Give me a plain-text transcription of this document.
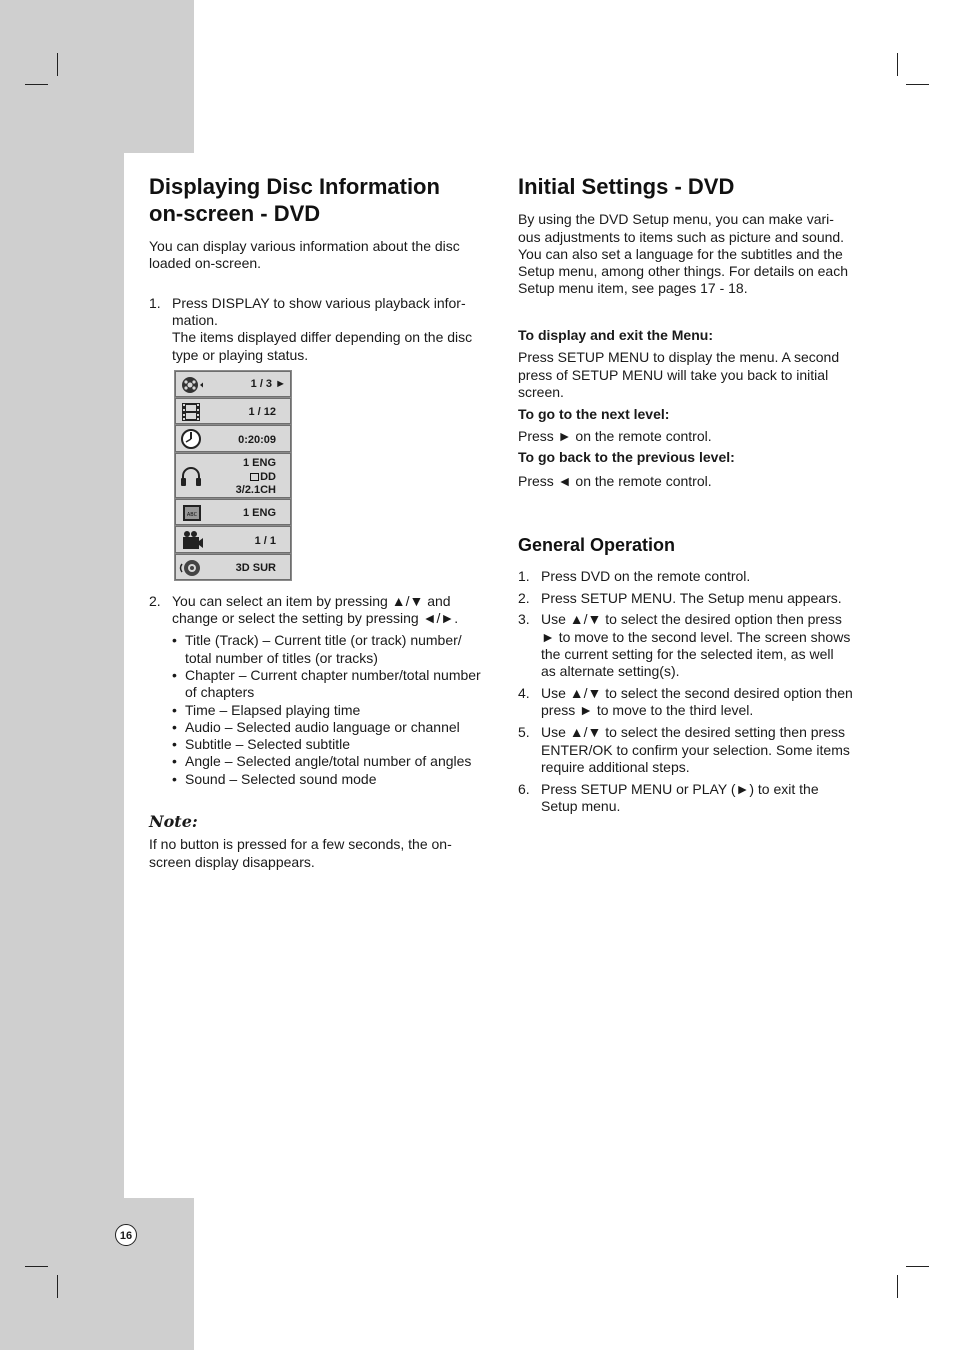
16
Displaying Disc Information
on-screen - DVD

You can display various information about the disc

loaded on-screen.

1. Press DISPLAY to show various playback infor-

mation.

The items displayed differ depending on the disc

type or playing status.

1 / 3 ►
1 / 12
0:20:09
1 ENG
DD
3/2.1CH
ABC	1 ENG
1 / 1
3D SUR

2. You can select an item by pressing ▲/▼ and

change or select the setting by pressing ◄/►.

• Title (Track) – Current title (or track) number/

total number of titles (or tracks)

• Chapter – Current chapter number/total number

of chapters

• Time – Elapsed playing time

• Audio – Selected audio language or channel

• Subtitle – Selected subtitle

• Angle – Selected angle/total number of angles

• Sound – Selected sound mode

Note:

If no button is pressed for a few seconds, the on-

screen display disappears.

Initial Settings - DVD

By using the DVD Setup menu, you can make vari-

ous adjustments to items such as picture and sound.

You can also set a language for the subtitles and the

Setup menu, among other things. For details on each

Setup menu item, see pages 17 - 18.

To display and exit the Menu:

Press SETUP MENU to display the menu. A second

press of SETUP MENU will take you back to initial

screen.

To go to the next level:

Press ► on the remote control.

To go back to the previous level:

Press ◄ on the remote control.

General Operation

1. Press DVD on the remote control.

2. Press SETUP MENU. The Setup menu appears.

3. Use ▲/▼ to select the desired option then press

► to move to the second level. The screen shows

the current setting for the selected item, as well

as alternate setting(s).

4. Use ▲/▼ to select the second desired option then

press ► to move to the third level.

5. Use ▲/▼ to select the desired setting then press

ENTER/OK to confirm your selection. Some items

require additional steps.

6. Press SETUP MENU or PLAY (►) to exit the

Setup menu.
